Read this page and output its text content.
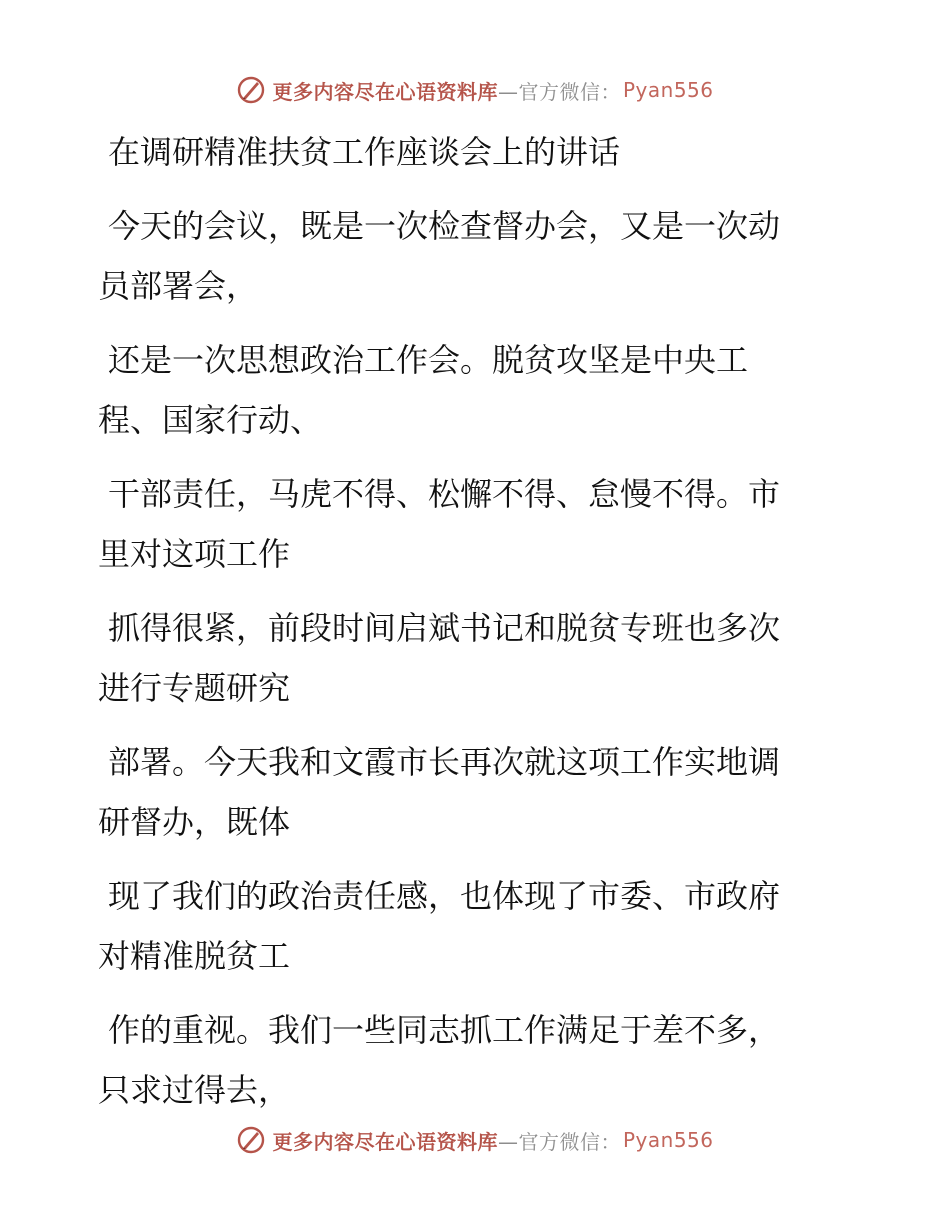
更多内容尽在心语资料库 —官方微信： Pyan556

在调研精准扶贫工作座谈会上的讲话

今天的会议，既是一次检查督办会，又是一次动
员部署会，

还是一次思想政治工作会。脱贫攻坚是中央工
程、国家行动、

干部责任，马虎不得、松懈不得、怠慢不得。市
里对这项工作

抓得很紧，前段时间启斌书记和脱贫专班也多次
进行专题研究

部署。今天我和文霞市长再次就这项工作实地调
研督办，既体

现了我们的政治责任感，也体现了市委、市政府
对精准脱贫工

作的重视。我们一些同志抓工作满足于差不多，
只求过得去，

更多内容尽在心语资料库 —官方微信： Pyan556
